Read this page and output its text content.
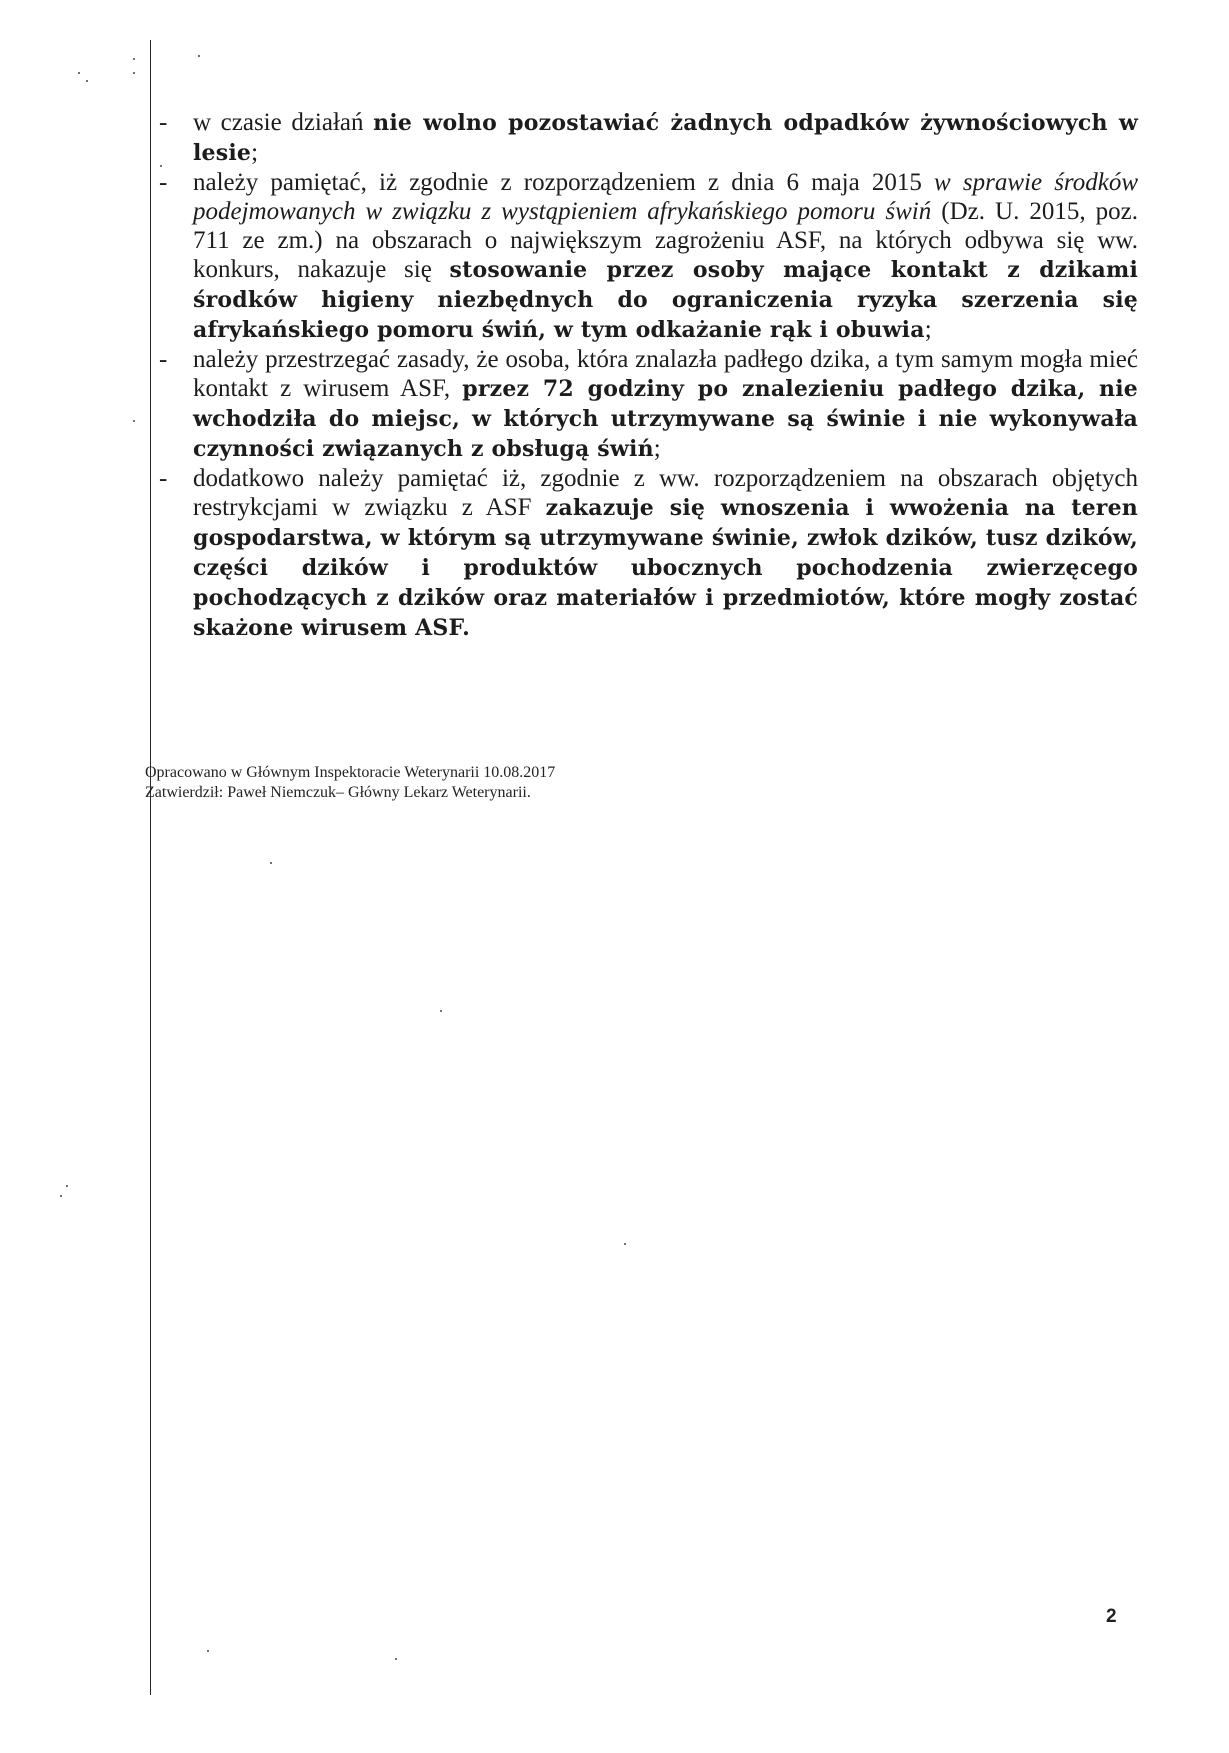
- w czasie działań nie wolno pozostawiać żadnych odpadków żywnościowych w lesie;
- należy pamiętać, iż zgodnie z rozporządzeniem z dnia 6 maja 2015 w sprawie środków podejmowanych w związku z wystąpieniem afrykańskiego pomoru świń (Dz. U. 2015, poz. 711 ze zm.) na obszarach o największym zagrożeniu ASF, na których odbywa się ww. konkurs, nakazuje się stosowanie przez osoby mające kontakt z dzikami środków higieny niezbędnych do ograniczenia ryzyka szerzenia się afrykańskiego pomoru świń, w tym odkażanie rąk i obuwia;
- należy przestrzegać zasady, że osoba, która znalazła padłego dzika, a tym samym mogła mieć kontakt z wirusem ASF, przez 72 godziny po znalezieniu padłego dzika, nie wchodziła do miejsc, w których utrzymywane są świnie i nie wykonywała czynności związanych z obsługą świń;
- dodatkowo należy pamiętać iż, zgodnie z ww. rozporządzeniem na obszarach objętych restrykcjami w związku z ASF zakazuje się wnoszenia i wwożenia na teren gospodarstwa, w którym są utrzymywane świnie, zwłok dzików, tusz dzików, części dzików i produktów ubocznych pochodzenia zwierzęcego pochodzących z dzików oraz materiałów i przedmiotów, które mogły zostać skażone wirusem ASF.
Opracowano w Głównym Inspektoracie Weterynarii 10.08.2017
Zatwierdził: Paweł Niemczuk– Główny Lekarz Weterynarii.
2
